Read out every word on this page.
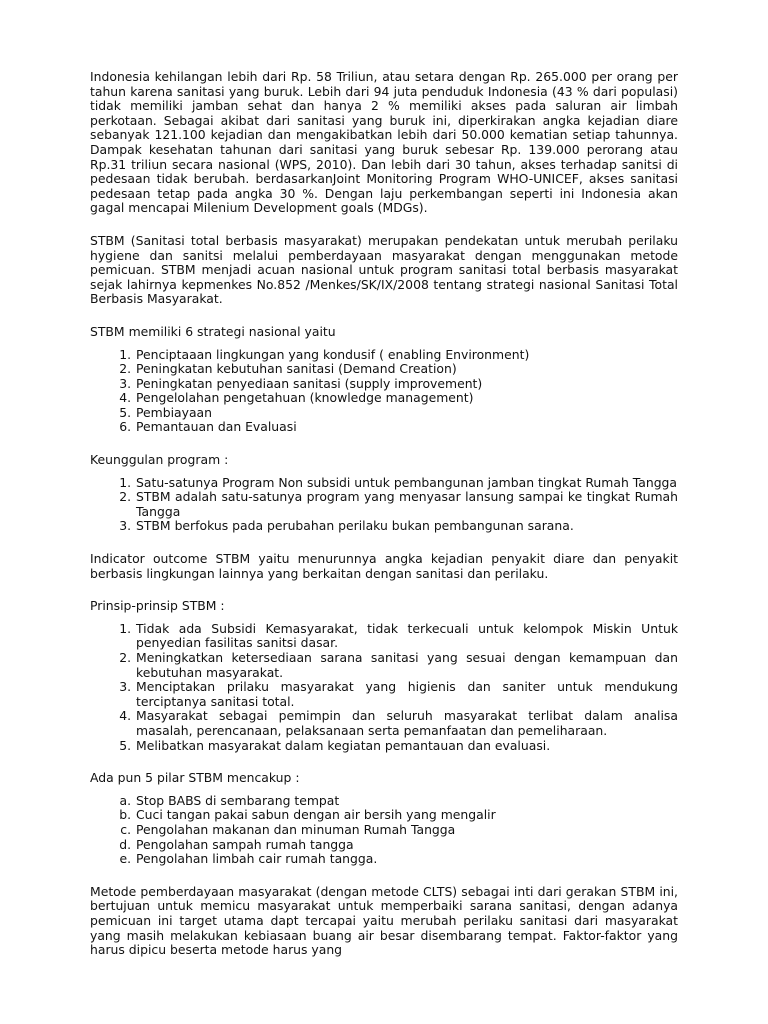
Indonesia kehilangan lebih dari Rp. 58 Triliun, atau setara dengan Rp. 265.000 per orang per tahun karena sanitasi yang buruk. Lebih dari 94 juta penduduk Indonesia (43 % dari populasi) tidak memiliki jamban sehat dan hanya 2 % memiliki akses pada saluran air limbah perkotaan. Sebagai akibat dari sanitasi yang buruk ini, diperkirakan angka kejadian diare sebanyak 121.100 kejadian dan mengakibatkan lebih dari 50.000 kematian setiap tahunnya. Dampak kesehatan tahunan dari sanitasi yang buruk sebesar Rp. 139.000 perorang atau Rp.31 triliun secara nasional (WPS, 2010). Dan lebih dari 30 tahun, akses terhadap sanitsi di pedesaan tidak berubah. berdasarkanJoint Monitoring Program WHO-UNICEF, akses sanitasi pedesaan tetap pada angka 30 %. Dengan laju perkembangan seperti ini Indonesia akan gagal mencapai Milenium Development goals (MDGs).

STBM (Sanitasi total berbasis masyarakat) merupakan pendekatan untuk merubah perilaku hygiene dan sanitsi melalui pemberdayaan masyarakat dengan menggunakan metode pemicuan. STBM menjadi acuan nasional untuk program sanitasi total berbasis masyarakat sejak lahirnya kepmenkes No.852 /Menkes/SK/IX/2008 tentang strategi nasional Sanitasi Total Berbasis Masyarakat.

STBM memiliki 6 strategi nasional yaitu

1. Penciptaaan lingkungan yang kondusif ( enabling Environment)
2. Peningkatan kebutuhan sanitasi (Demand Creation)
3. Peningkatan penyediaan sanitasi (supply improvement)
4. Pengelolahan pengetahuan (knowledge management)
5. Pembiayaan
6. Pemantauan dan Evaluasi

Keunggulan program :

1. Satu-satunya Program Non subsidi untuk pembangunan jamban tingkat Rumah Tangga
2. STBM adalah satu-satunya program yang menyasar lansung sampai ke tingkat Rumah Tangga
3. STBM berfokus pada perubahan perilaku bukan pembangunan sarana.

Indicator outcome STBM yaitu menurunnya angka kejadian penyakit diare dan penyakit berbasis lingkungan lainnya yang berkaitan dengan sanitasi dan perilaku.

Prinsip-prinsip STBM :

1. Tidak ada Subsidi Kemasyarakat, tidak terkecuali untuk kelompok Miskin Untuk penyedian fasilitas sanitsi dasar.
2. Meningkatkan ketersediaan sarana sanitasi yang sesuai dengan kemampuan dan kebutuhan masyarakat.
3. Menciptakan prilaku masyarakat yang higienis dan saniter untuk mendukung terciptanya sanitasi total.
4. Masyarakat sebagai pemimpin dan seluruh masyarakat terlibat dalam analisa masalah, perencanaan, pelaksanaan serta pemanfaatan dan pemeliharaan.
5. Melibatkan masyarakat dalam kegiatan pemantauan dan evaluasi.

Ada pun 5 pilar STBM mencakup :

a. Stop BABS di sembarang tempat
b. Cuci tangan pakai sabun dengan air bersih yang mengalir
c. Pengolahan makanan dan minuman Rumah Tangga
d. Pengolahan sampah rumah tangga
e. Pengolahan limbah cair rumah tangga.

Metode pemberdayaan masyarakat (dengan metode CLTS) sebagai inti dari gerakan STBM ini, bertujuan untuk memicu masyarakat untuk memperbaiki sarana sanitasi, dengan adanya pemicuan ini target utama dapt tercapai yaitu merubah perilaku sanitasi dari masyarakat yang masih melakukan kebiasaan buang air besar disembarang tempat. Faktor-faktor yang harus dipicu beserta metode harus yang
